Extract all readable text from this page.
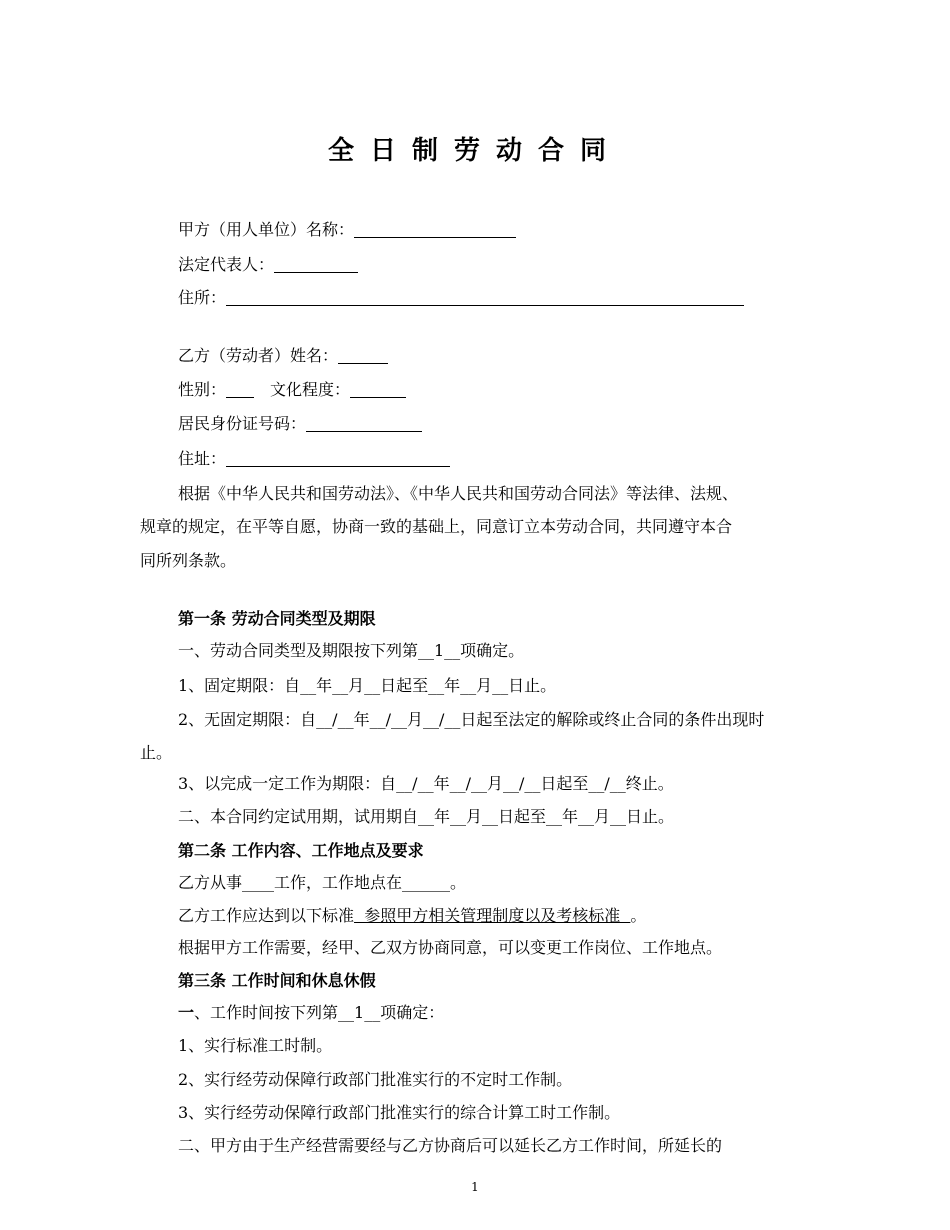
全日制劳动合同
甲方（用人单位）名称：
法定代表人：
住所：
乙方（劳动者）姓名：
性别：	文化程度：
居民身份证号码：
住址：
根据《中华人民共和国劳动法》、《中华人民共和国劳动合同法》等法律、法规、
规章的规定，在平等自愿，协商一致的基础上，同意订立本劳动合同，共同遵守本合
同所列条款。
第一条 劳动合同类型及期限
一、劳动合同类型及期限按下列第__1__项确定。
1、固定期限：自__年__月__日起至__年__月__日止。
2、无固定期限：自__/__年__/__月__/__日起至法定的解除或终止合同的条件出现时
止。
3、以完成一定工作为期限：自__/__年__/__月__/__日起至__/__终止。
二、本合同约定试用期，试用期自__年__月__日起至__年__月__日止。
第二条 工作内容、工作地点及要求
乙方从事____工作，工作地点在______。
乙方工作应达到以下标准  参照甲方相关管理制度以及考核标准  。
根据甲方工作需要，经甲、乙双方协商同意，可以变更工作岗位、工作地点。
第三条 工作时间和休息休假
一、工作时间按下列第__1__项确定：
1、实行标准工时制。
2、实行经劳动保障行政部门批准实行的不定时工作制。
3、实行经劳动保障行政部门批准实行的综合计算工时工作制。
二、甲方由于生产经营需要经与乙方协商后可以延长乙方工作时间，所延长的
1
